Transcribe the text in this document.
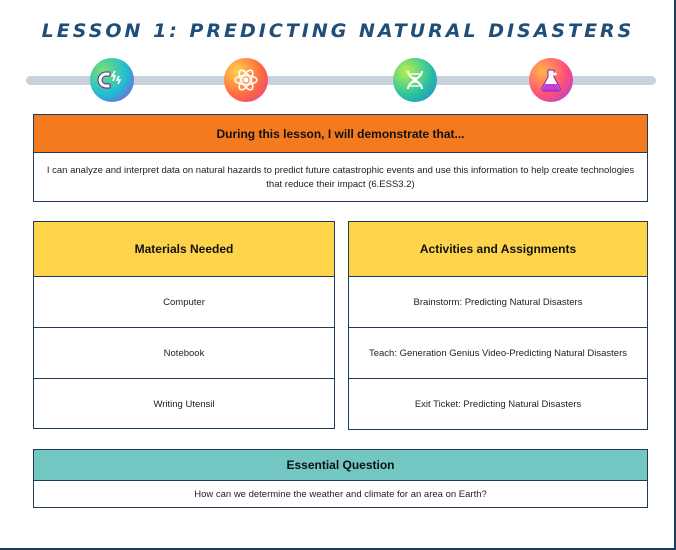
LESSON 1: PREDICTING NATURAL DISASTERS
During this lesson, I will demonstrate that...
I can analyze and interpret data on natural hazards to predict future catastrophic events and use this information to help create technologies that reduce their impact (6.ESS3.2)
Materials Needed
Computer
Notebook
Writing Utensil
Activities and Assignments
Brainstorm: Predicting Natural Disasters
Teach: Generation Genius Video-Predicting Natural Disasters
Exit Ticket: Predicting Natural Disasters
Essential Question
How can we determine the weather and climate for an area on Earth?
